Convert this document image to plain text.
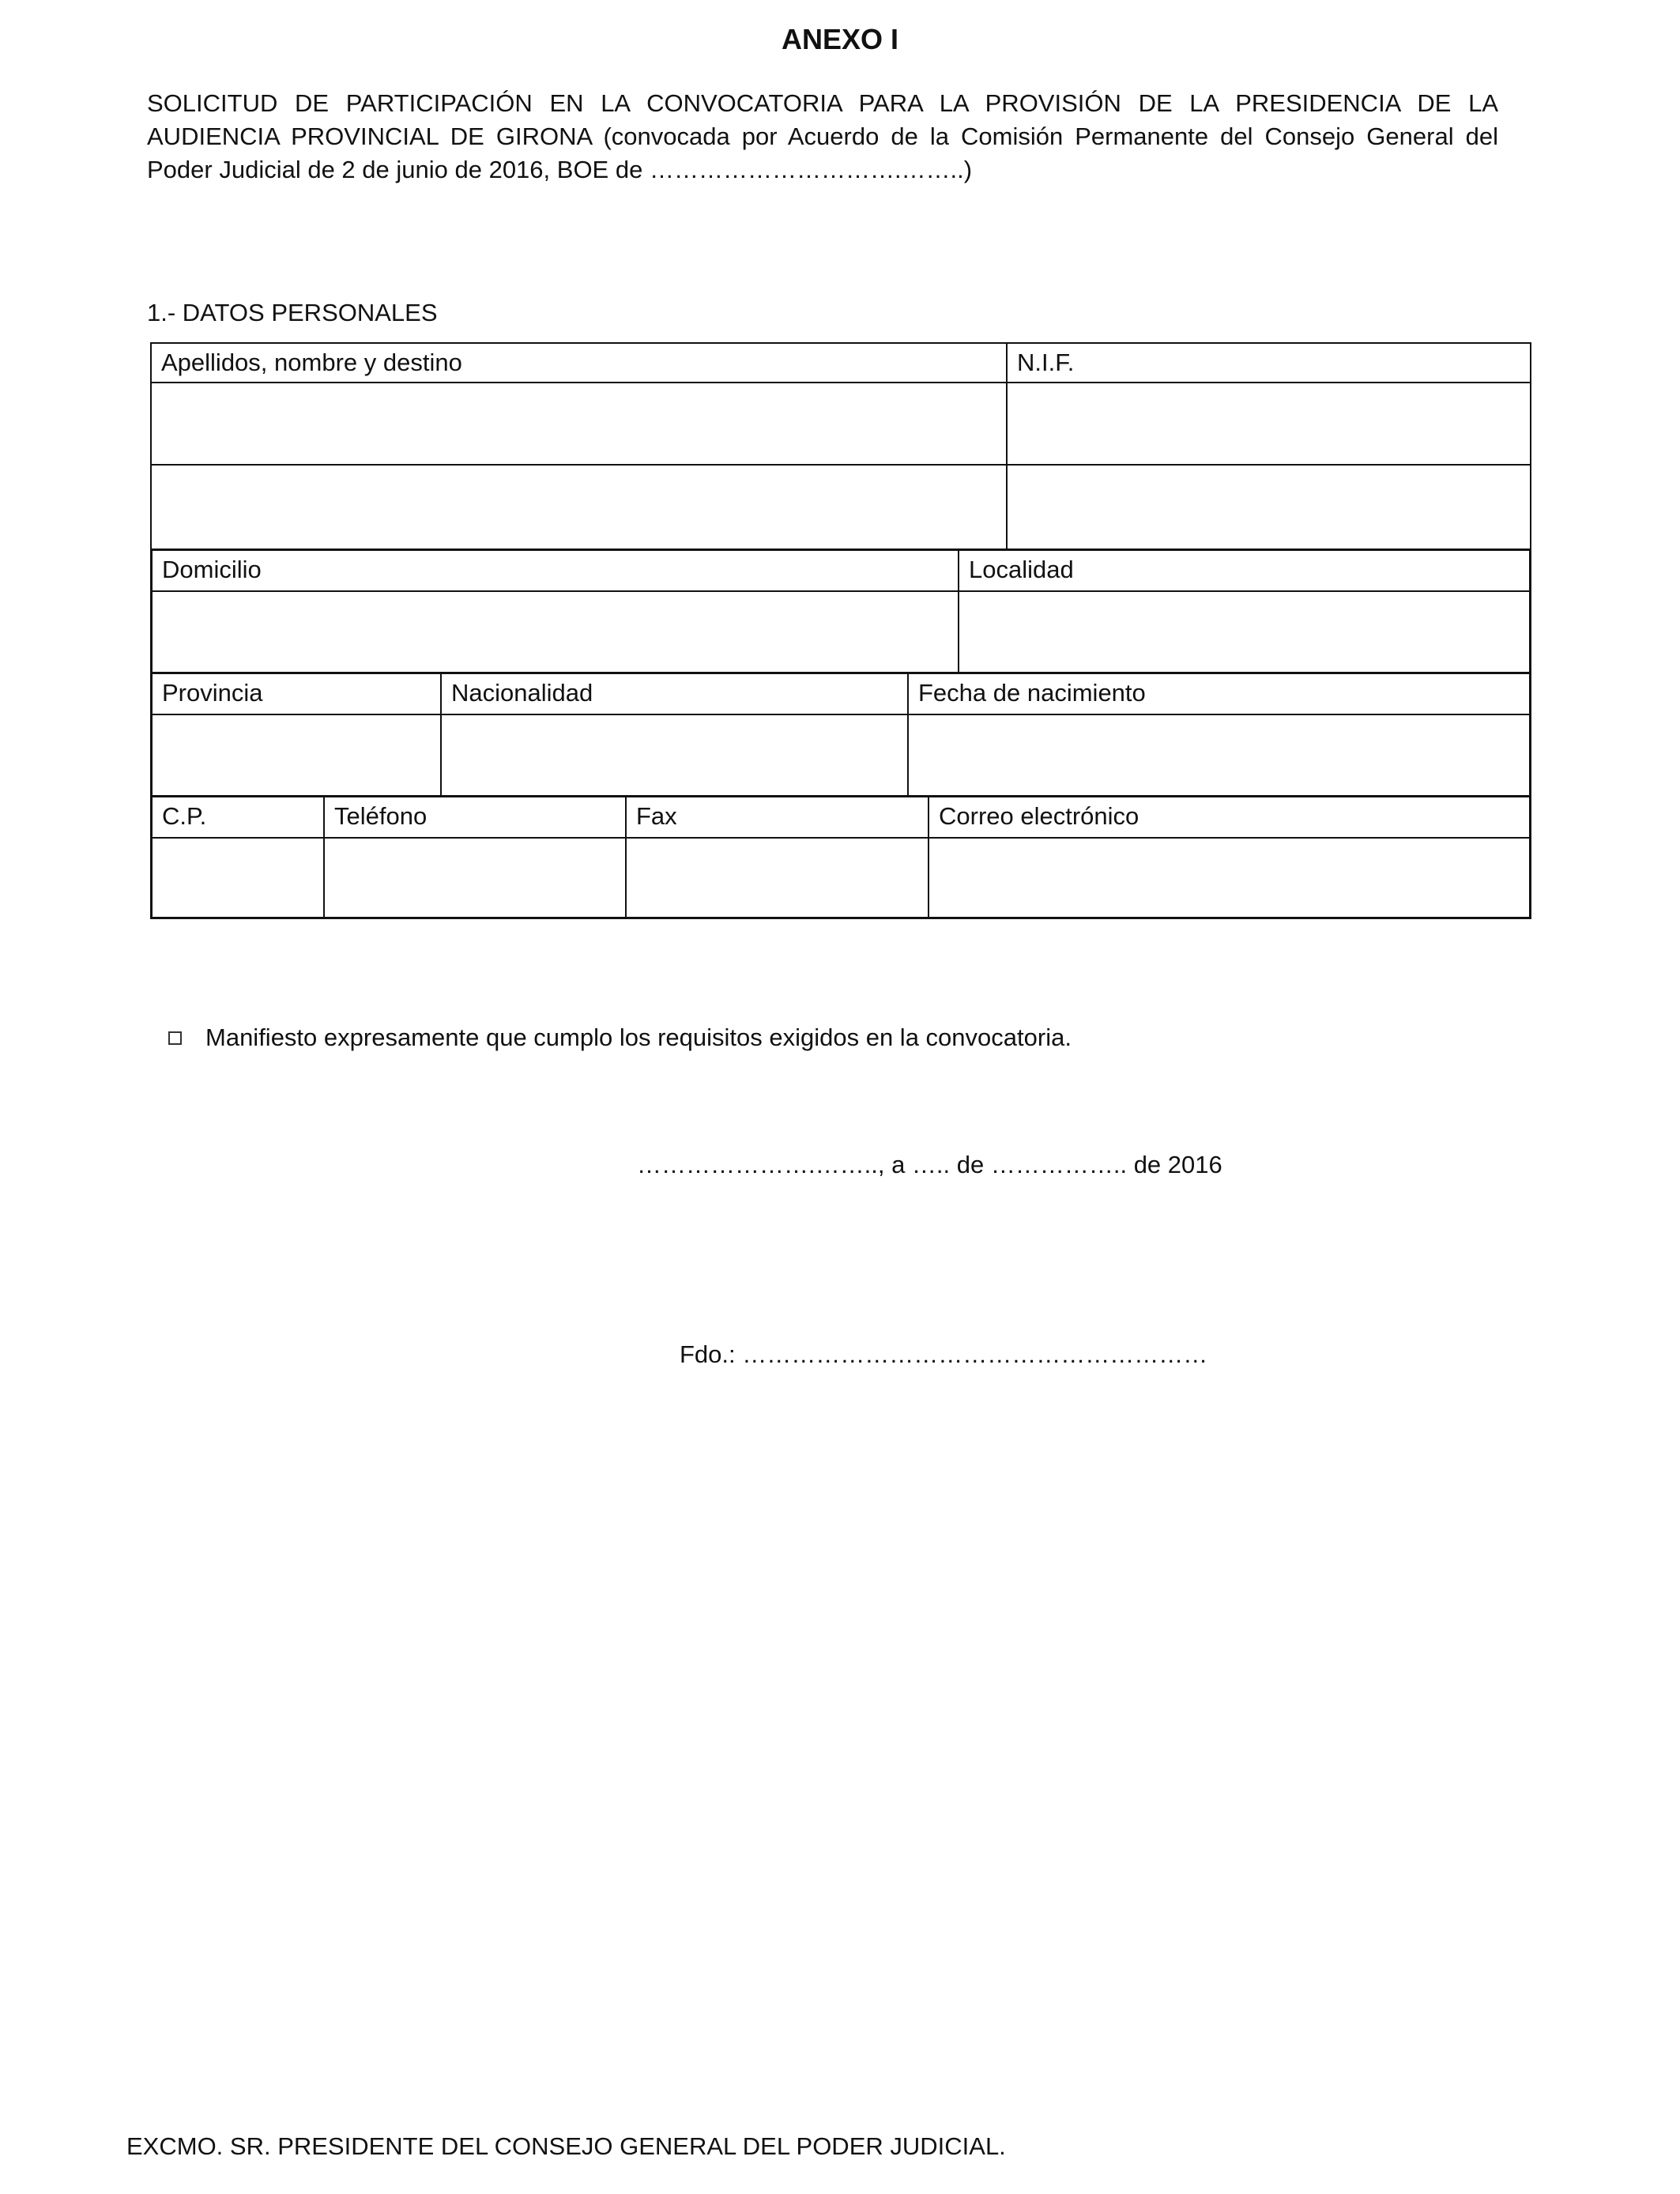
ANEXO I

SOLICITUD DE PARTICIPACIÓN EN LA CONVOCATORIA PARA LA PROVISIÓN DE LA PRESIDENCIA DE LA AUDIENCIA PROVINCIAL DE GIRONA (convocada por Acuerdo de la Comisión Permanente del Consejo General del Poder Judicial de 2 de junio de 2016, BOE de ………………………….……..)

1.- DATOS PERSONALES
Apellidos, nombre y destino	N.I.F.
Domicilio	Localidad
Provincia	Nacionalidad	Fecha de nacimiento
C.P.	Teléfono	Fax	Correo electrónico
Manifiesto expresamente que cumplo los requisitos exigidos en la convocatoria.
………………….…….., a ….. de …………….. de 2016
Fdo.: …………………………………………………
EXCMO. SR. PRESIDENTE DEL CONSEJO GENERAL DEL PODER JUDICIAL.
